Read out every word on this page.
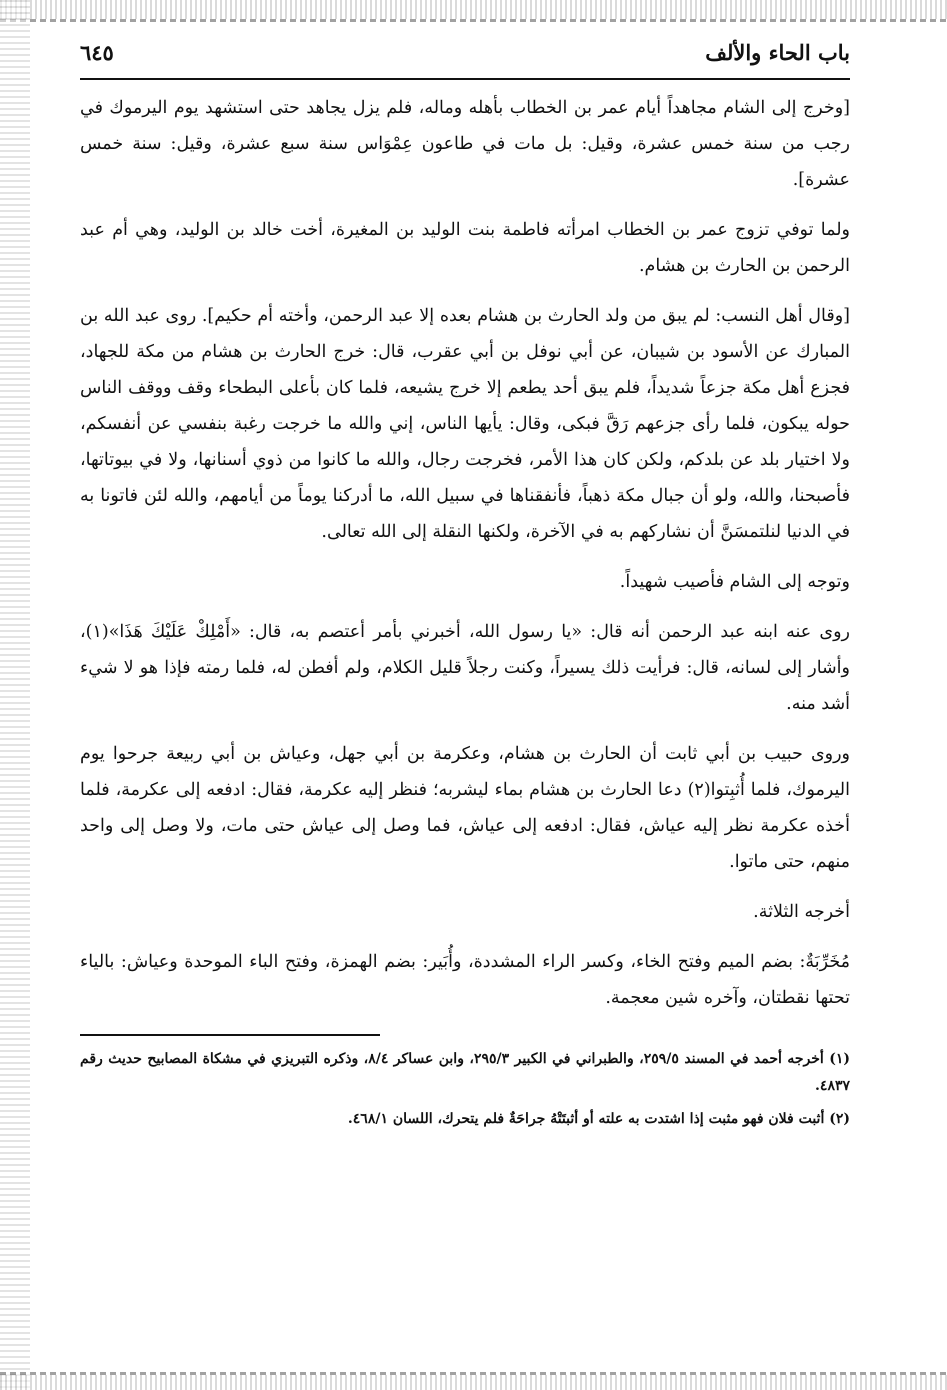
باب الحاء والألف
٦٤٥

[وخرج إلى الشام مجاهداً أيام عمر بن الخطاب بأهله وماله، فلم يزل يجاهد حتى استشهد يوم اليرموك في رجب من سنة خمس عشرة، وقيل: بل مات في طاعون عِمْوَاس سنة سبع عشرة، وقيل: سنة خمس عشرة].

ولما توفي تزوج عمر بن الخطاب امرأته فاطمة بنت الوليد بن المغيرة، أخت خالد بن الوليد، وهي أم عبد الرحمن بن الحارث بن هشام.

[وقال أهل النسب: لم يبق من ولد الحارث بن هشام بعده إلا عبد الرحمن، وأخته أم حكيم]. روى عبد الله بن المبارك عن الأسود بن شيبان، عن أبي نوفل بن أبي عقرب، قال: خرج الحارث بن هشام من مكة للجهاد، فجزع أهل مكة جزعاً شديداً، فلم يبق أحد يطعم إلا خرج يشيعه، فلما كان بأعلى البطحاء وقف ووقف الناس حوله يبكون، فلما رأى جزعهم رَقَّ فبكى، وقال: يأيها الناس، إني والله ما خرجت رغبة بنفسي عن أنفسكم، ولا اختيار بلد عن بلدكم، ولكن كان هذا الأمر، فخرجت رجال، والله ما كانوا من ذوي أسنانها، ولا في بيوتاتها، فأصبحنا، والله، ولو أن جبال مكة ذهباً، فأنفقناها في سبيل الله، ما أدركنا يوماً من أيامهم، والله لئن فاتونا به في الدنيا لنلتمسَنَّ أن نشاركهم به في الآخرة، ولكنها النقلة إلى الله تعالى.

وتوجه إلى الشام فأصيب شهيداً.

روى عنه ابنه عبد الرحمن أنه قال: «يا رسول الله، أخبرني بأمر أعتصم به، قال: «أَمْلِكْ عَلَيْكَ هَذَا»(١)، وأشار إلى لسانه، قال: فرأيت ذلك يسيراً، وكنت رجلاً قليل الكلام، ولم أفطن له، فلما رمته فإذا هو لا شيء أشد منه.

وروى حبيب بن أبي ثابت أن الحارث بن هشام، وعكرمة بن أبي جهل، وعياش بن أبي ربيعة جرحوا يوم اليرموك، فلما أُثبِتوا(٢) دعا الحارث بن هشام بماء ليشربه؛ فنظر إليه عكرمة، فقال: ادفعه إلى عكرمة، فلما أخذه عكرمة نظر إليه عياش، فقال: ادفعه إلى عياش، فما وصل إلى عياش حتى مات، ولا وصل إلى واحد منهم، حتى ماتوا.

أخرجه الثلاثة.

مُخَرِّبَةٌ: بضم الميم وفتح الخاء، وكسر الراء المشددة، وأُبَير: بضم الهمزة، وفتح الباء الموحدة وعياش: بالياء تحتها نقطتان، وآخره شين معجمة.

(١) أخرجه أحمد في المسند ٢٥٩/٥، والطبراني في الكبير ٢٩٥/٣، وابن عساكر ٨/٤، وذكره التبريزي في مشكاة المصابيح حديث رقم ٤٨٣٧.

(٢) أثبت فلان فهو مثبت إذا اشتدت به علته أو أثبتَتْهُ جراحَةٌ فلم يتحرك، اللسان ٤٦٨/١.
